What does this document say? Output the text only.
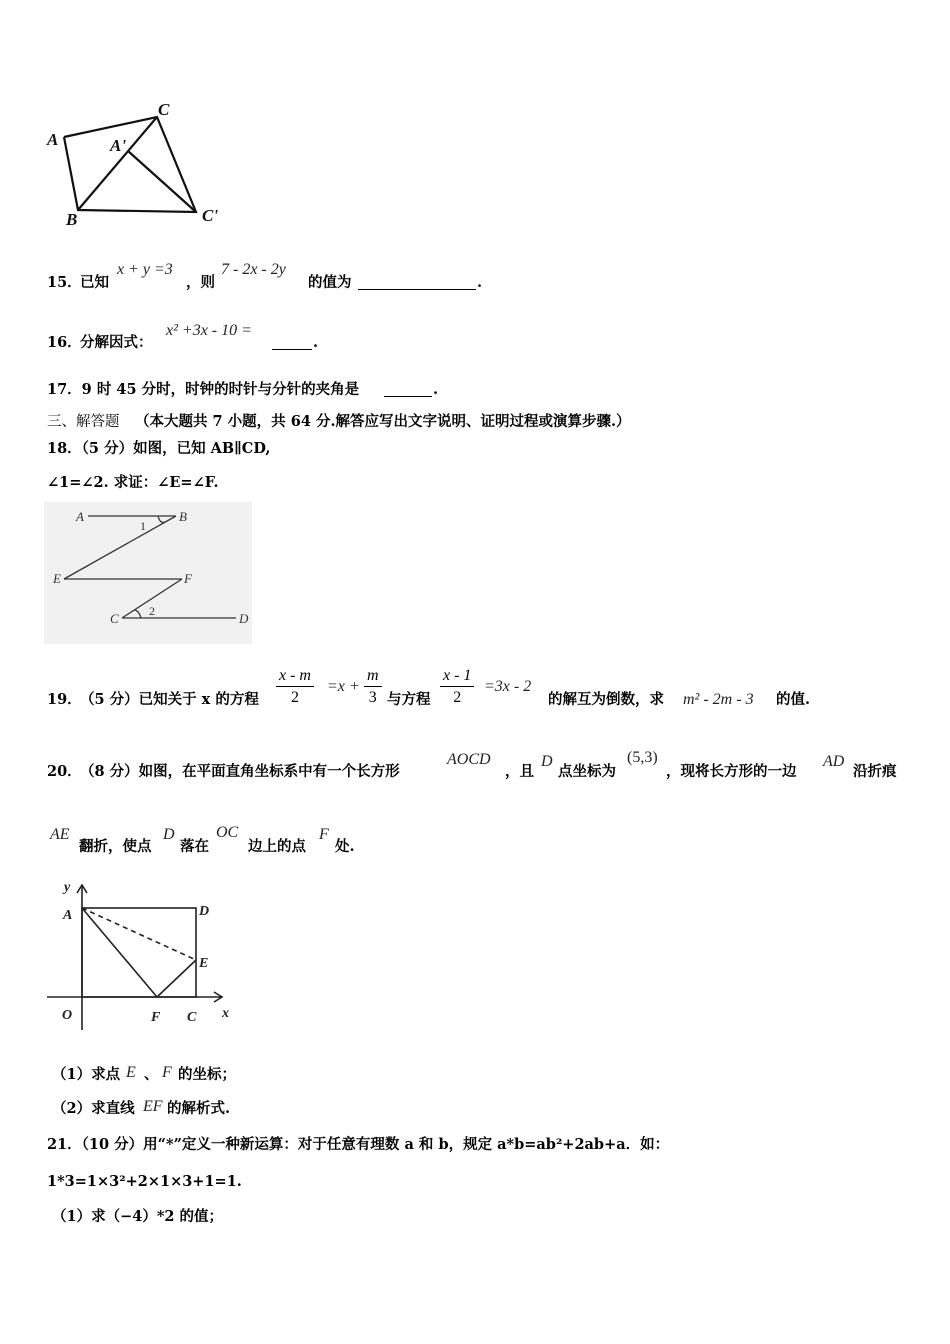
A	A'
C
B	C'
15．
已知	，则	的值为	.
x + y =3	7 - 2x - 2y
16．
分解因式：	.
x² +3x - 10 =
17．9 时 45 分时，时钟的时针与分针的夹角是	.
三、解答题 （本大题共 7 小题，共 64 分.解答应写出文字说明、证明过程或演算步骤.）
18．（5 分）如图，已知 AB∥CD,
∠1=∠2. 求证：∠E=∠F.
A	B
E	F
C	D
1
2
19．
（5 分）已知关于 x 的方程	与方程	的解互为倒数，求	的值.
$\frac{x - m}{2} =x + \frac{m}{3}$	$\frac{x - 1}{2} =3x - 2$
m² - 2m - 3
20．
（8 分）如图，在平面直角坐标系中有一个长方形	，且 点坐标为	，现将长方形的一边	沿折痕
AOCD	D	(5,3)	AD
翻折，使点 落在	边上的点 处.
AE	D	OC	F
y
x
A	D
E
O	F C
（1）求点 、 的坐标；
E F
（2）求直线 的解析式.
EF
21．（10 分）用“*”定义一种新运算：对于任意有理数 a 和 b，规定 a*b=ab²+2ab+a．如：
1*3=1×3²+2×1×3+1=1.
（1）求（−4）*2 的值；
